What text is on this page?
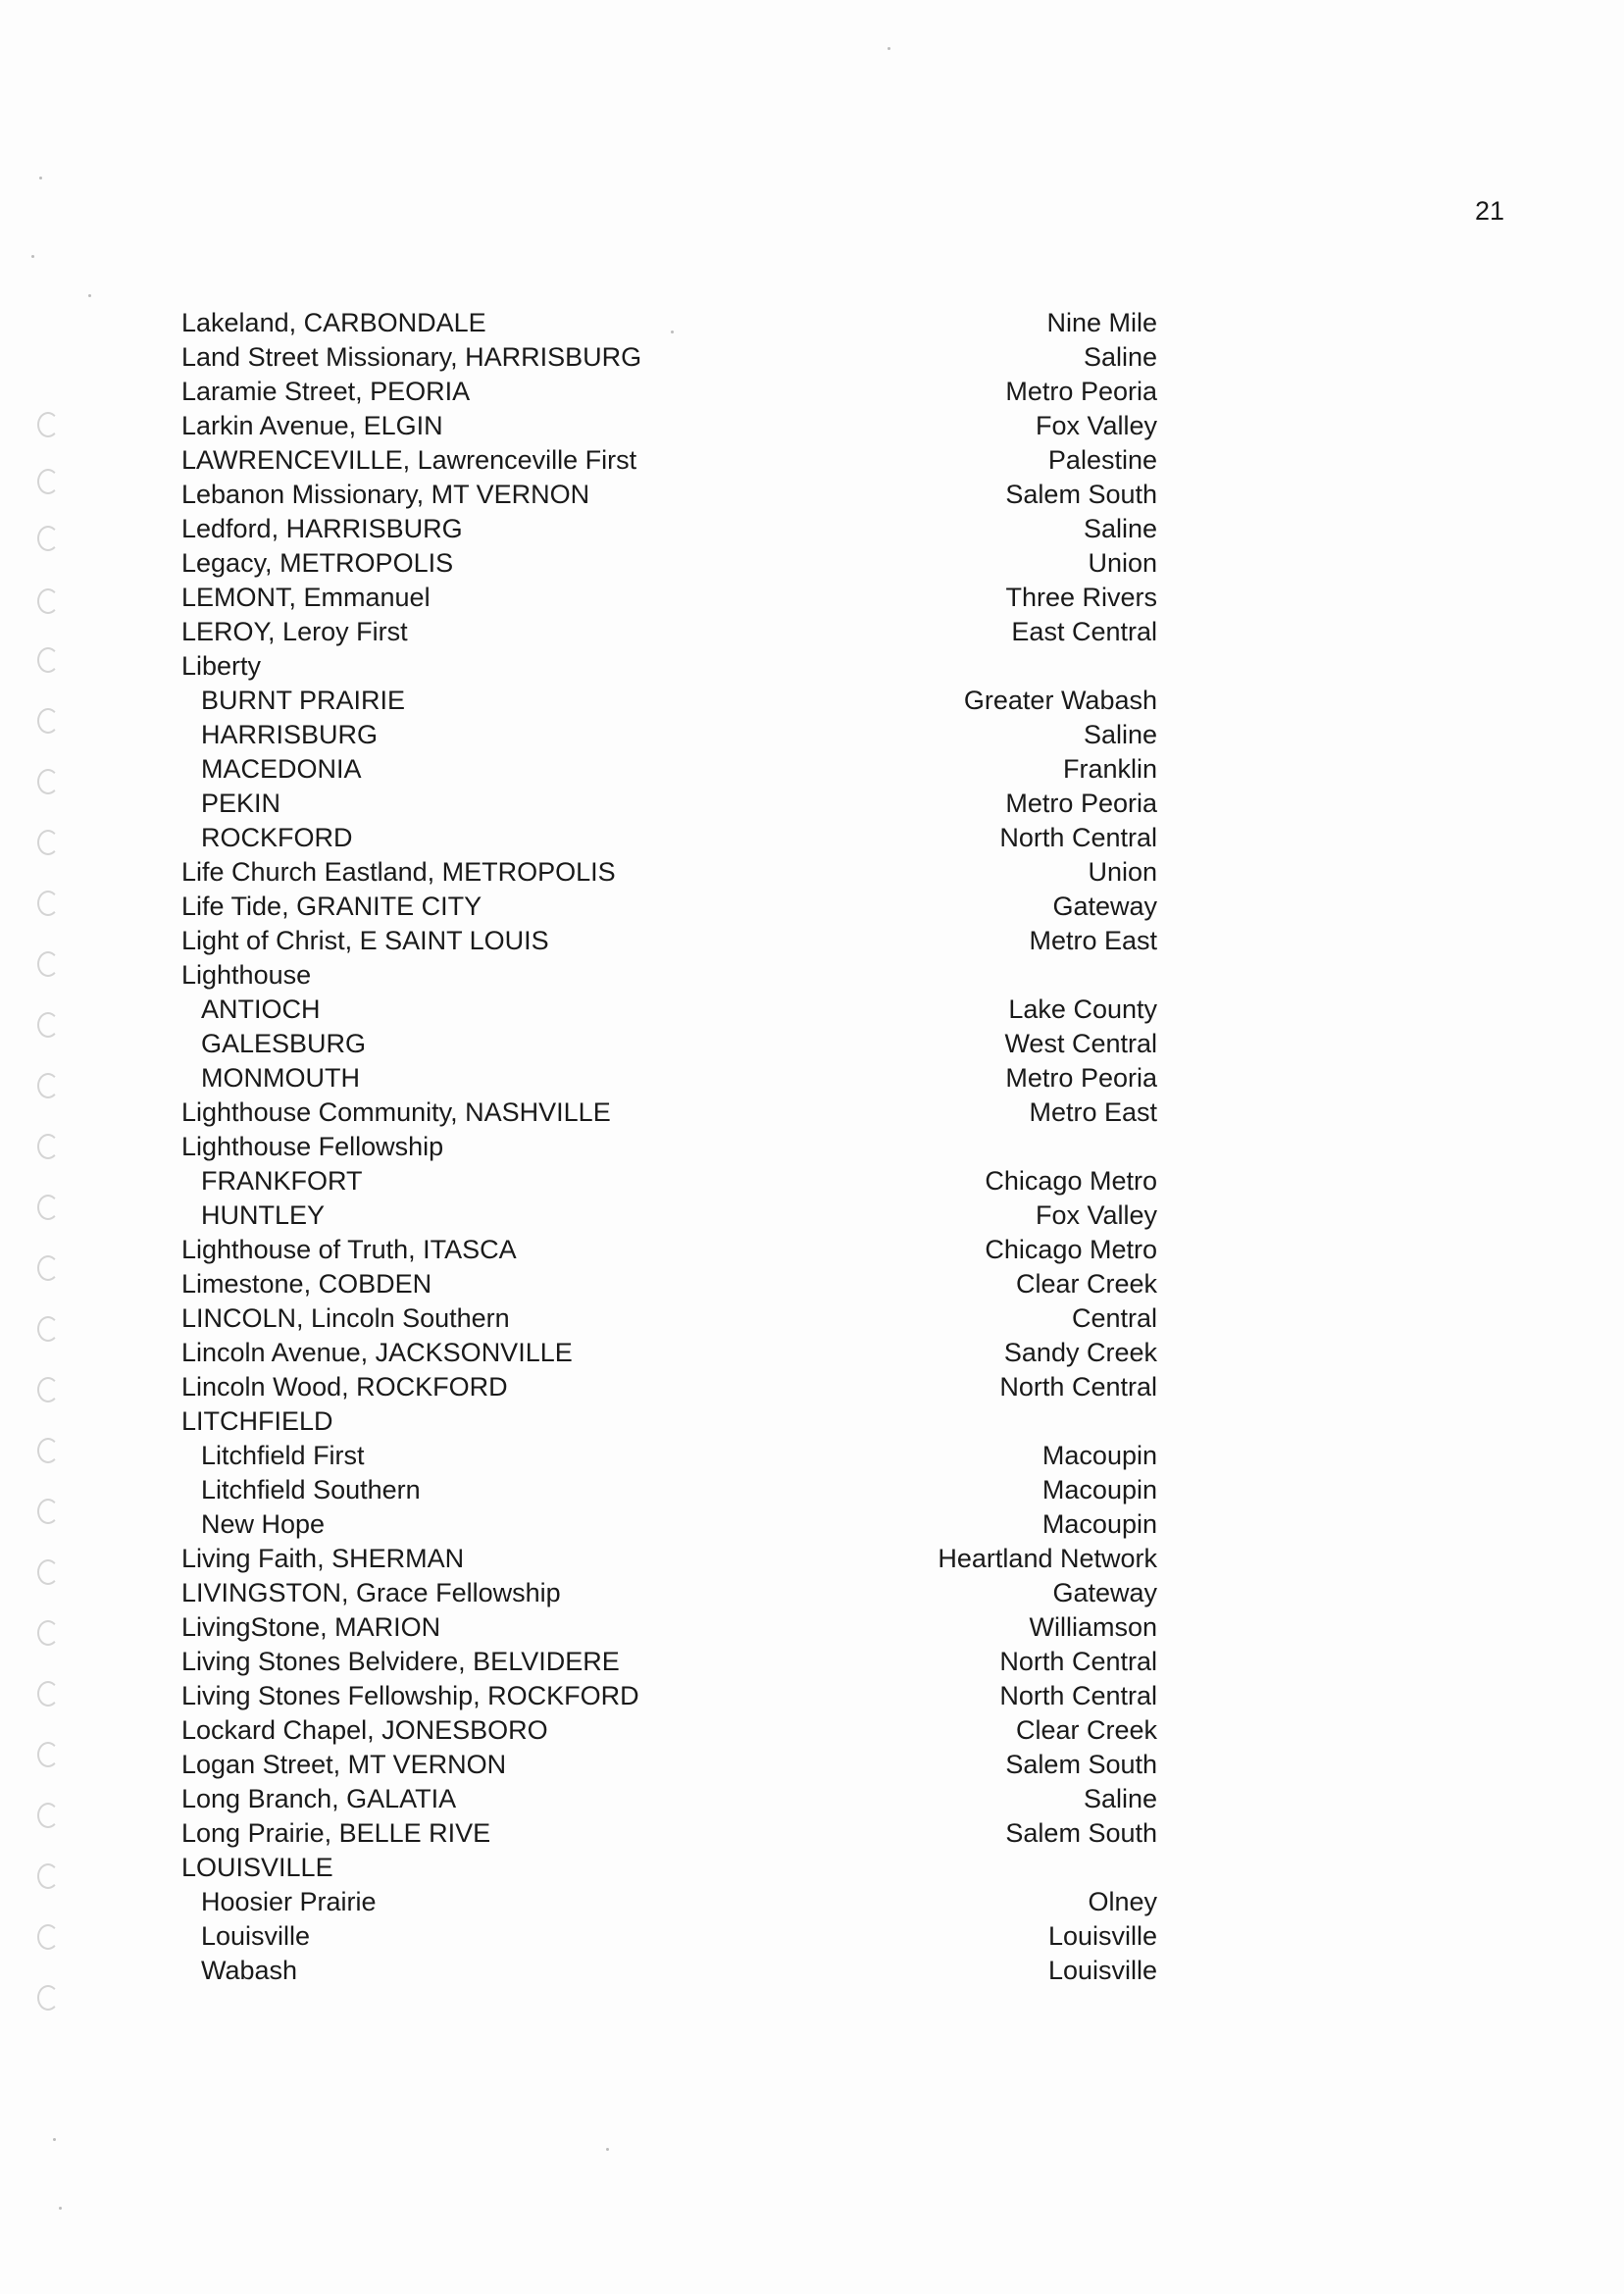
21
Lakeland, CARBONDALE	Nine Mile
Land Street Missionary, HARRISBURG	Saline
Laramie Street, PEORIA	Metro Peoria
Larkin Avenue, ELGIN	Fox Valley
LAWRENCEVILLE, Lawrenceville First	Palestine
Lebanon Missionary, MT VERNON	Salem South
Ledford, HARRISBURG	Saline
Legacy, METROPOLIS	Union
LEMONT, Emmanuel	Three Rivers
LEROY, Leroy First	East Central
Liberty
BURNT PRAIRIE	Greater Wabash
HARRISBURG	Saline
MACEDONIA	Franklin
PEKIN	Metro Peoria
ROCKFORD	North Central
Life Church Eastland, METROPOLIS	Union
Life Tide, GRANITE CITY	Gateway
Light of Christ, E SAINT LOUIS	Metro East
Lighthouse
ANTIOCH	Lake County
GALESBURG	West Central
MONMOUTH	Metro Peoria
Lighthouse Community, NASHVILLE	Metro East
Lighthouse Fellowship
FRANKFORT	Chicago Metro
HUNTLEY	Fox Valley
Lighthouse of Truth, ITASCA	Chicago Metro
Limestone, COBDEN	Clear Creek
LINCOLN, Lincoln Southern	Central
Lincoln Avenue, JACKSONVILLE	Sandy Creek
Lincoln Wood, ROCKFORD	North Central
LITCHFIELD
Litchfield First	Macoupin
Litchfield Southern	Macoupin
New Hope	Macoupin
Living Faith, SHERMAN	Heartland Network
LIVINGSTON, Grace Fellowship	Gateway
LivingStone, MARION	Williamson
Living Stones Belvidere, BELVIDERE	North Central
Living Stones Fellowship, ROCKFORD	North Central
Lockard Chapel, JONESBORO	Clear Creek
Logan Street, MT VERNON	Salem South
Long Branch, GALATIA	Saline
Long Prairie, BELLE RIVE	Salem South
LOUISVILLE
Hoosier Prairie	Olney
Louisville	Louisville
Wabash	Louisville
